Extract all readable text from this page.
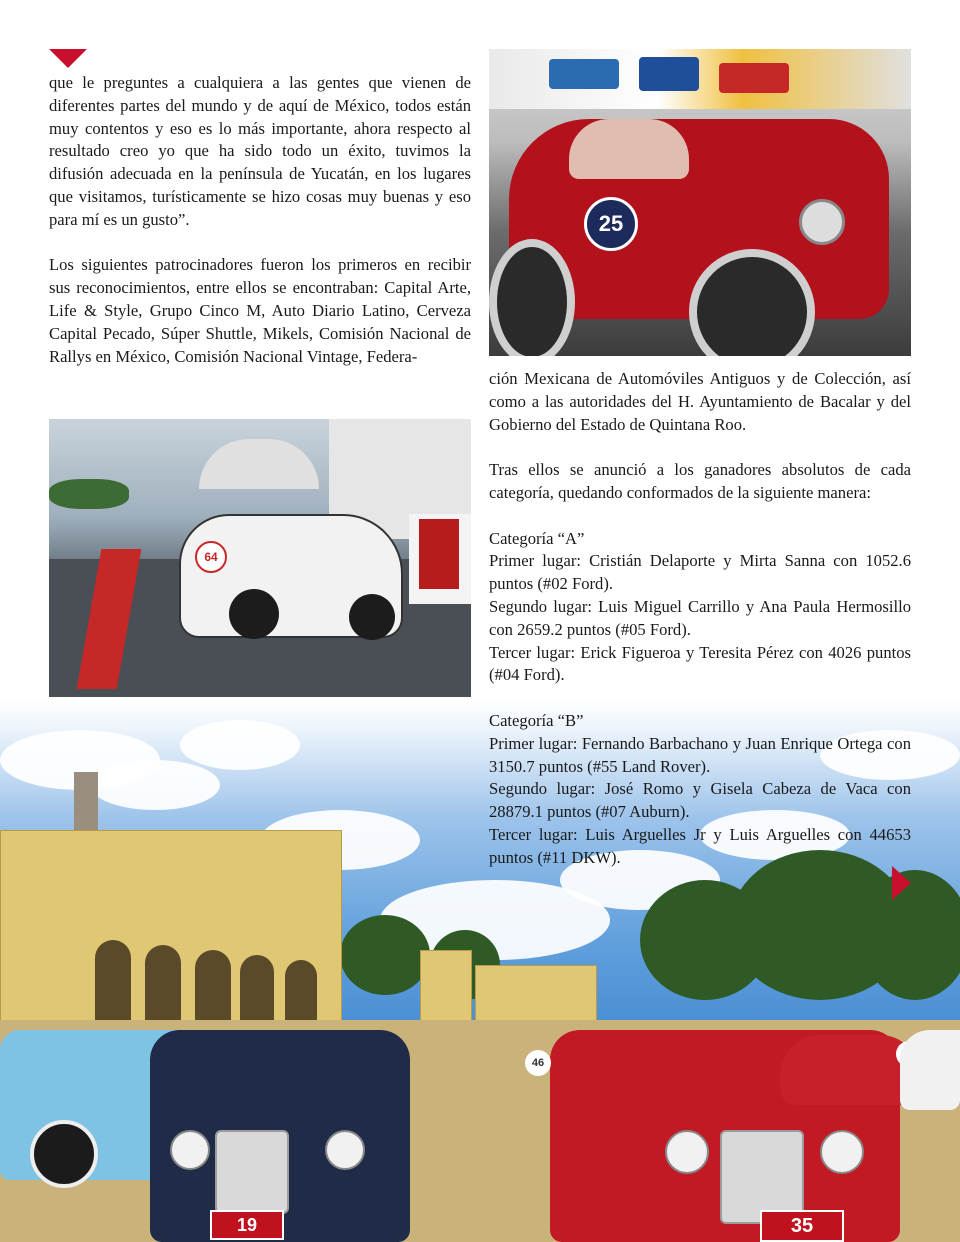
que le preguntes a cualquiera a las gentes que vienen de diferentes partes del mundo y de aquí de México, todos están muy contentos y eso es lo más importante, ahora respecto al resultado creo yo que ha sido todo un éxito, tuvimos la difusión adecuada en la península de Yucatán, en los lugares que visitamos, turísticamente se hizo cosas muy buenas y eso para mí es un gusto”.

Los siguientes patrocinadores fueron los primeros en recibir sus reconocimientos, entre ellos se encontraban: Capital Arte, Life & Style, Grupo Cinco M, Auto Diario Latino, Cerveza Capital Pecado, Súper Shuttle, Mikels, Comisión Nacional de Rallys en México, Comisión Nacional Vintage, Federa-

25
64

ción Mexicana de Automóviles Antiguos y de Colección, así como a las autoridades del H. Ayuntamiento de Bacalar y del Gobierno del Estado de Quintana Roo.

Tras ellos se anunció a los ganadores absolutos de cada categoría, quedando conformados de la siguiente manera:

Categoría “A”

Primer lugar: Cristián Delaporte y Mirta Sanna con 1052.6 puntos (#02 Ford).

Segundo lugar: Luis Miguel Carrillo y Ana Paula Hermosillo con 2659.2 puntos (#05 Ford).

Tercer lugar: Erick Figueroa y Teresita Pérez con 4026 puntos (#04 Ford).

Categoría “B”

Primer lugar: Fernando Barbachano y Juan Enrique Ortega con 3150.7 puntos (#55 Land Rover).

Segundo lugar: José Romo y Gisela Cabeza de Vaca con 28879.1 puntos (#07 Auburn).

Tercer lugar: Luis Arguelles Jr y Luis Arguelles con 44653 puntos (#11 DKW).

16
19	35
46
64
